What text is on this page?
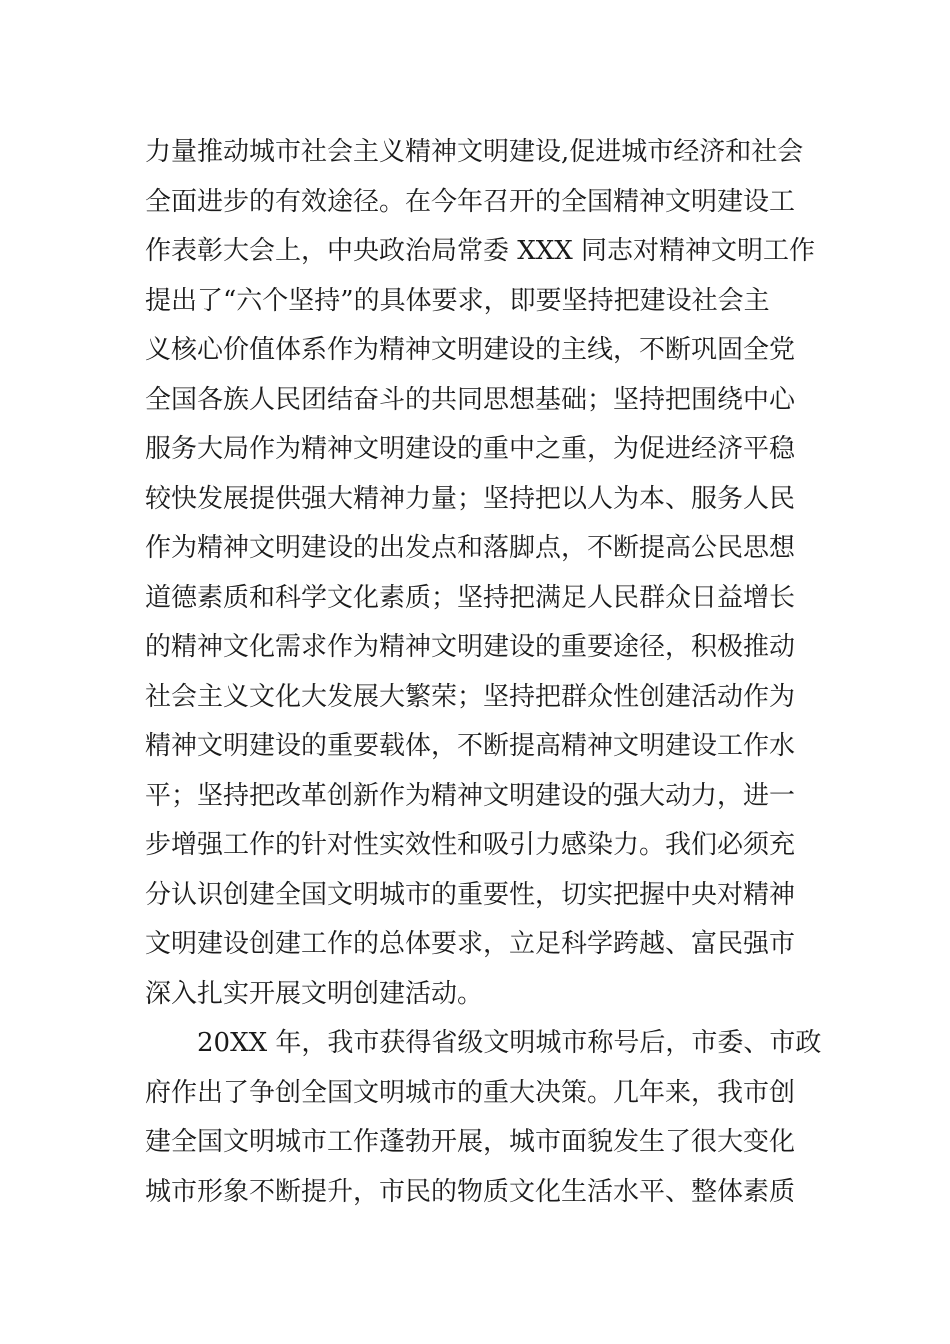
力量推动城市社会主义精神文明建设,促进城市经济和社会
全面进步的有效途径。在今年召开的全国精神文明建设工
作表彰大会上，中央政治局常委 XXX 同志对精神文明工作
提出了“六个坚持”的具体要求，即要坚持把建设社会主
义核心价值体系作为精神文明建设的主线，不断巩固全党
全国各族人民团结奋斗的共同思想基础；坚持把围绕中心
服务大局作为精神文明建设的重中之重，为促进经济平稳
较快发展提供强大精神力量；坚持把以人为本、服务人民
作为精神文明建设的出发点和落脚点，不断提高公民思想
道德素质和科学文化素质；坚持把满足人民群众日益增长
的精神文化需求作为精神文明建设的重要途径，积极推动
社会主义文化大发展大繁荣；坚持把群众性创建活动作为
精神文明建设的重要载体，不断提高精神文明建设工作水
平；坚持把改革创新作为精神文明建设的强大动力，进一
步增强工作的针对性实效性和吸引力感染力。我们必须充
分认识创建全国文明城市的重要性，切实把握中央对精神
文明建设创建工作的总体要求，立足科学跨越、富民强市
深入扎实开展文明创建活动。
　　20XX 年，我市获得省级文明城市称号后，市委、市政
府作出了争创全国文明城市的重大决策。几年来，我市创
建全国文明城市工作蓬勃开展，城市面貌发生了很大变化
城市形象不断提升，市民的物质文化生活水平、整体素质
